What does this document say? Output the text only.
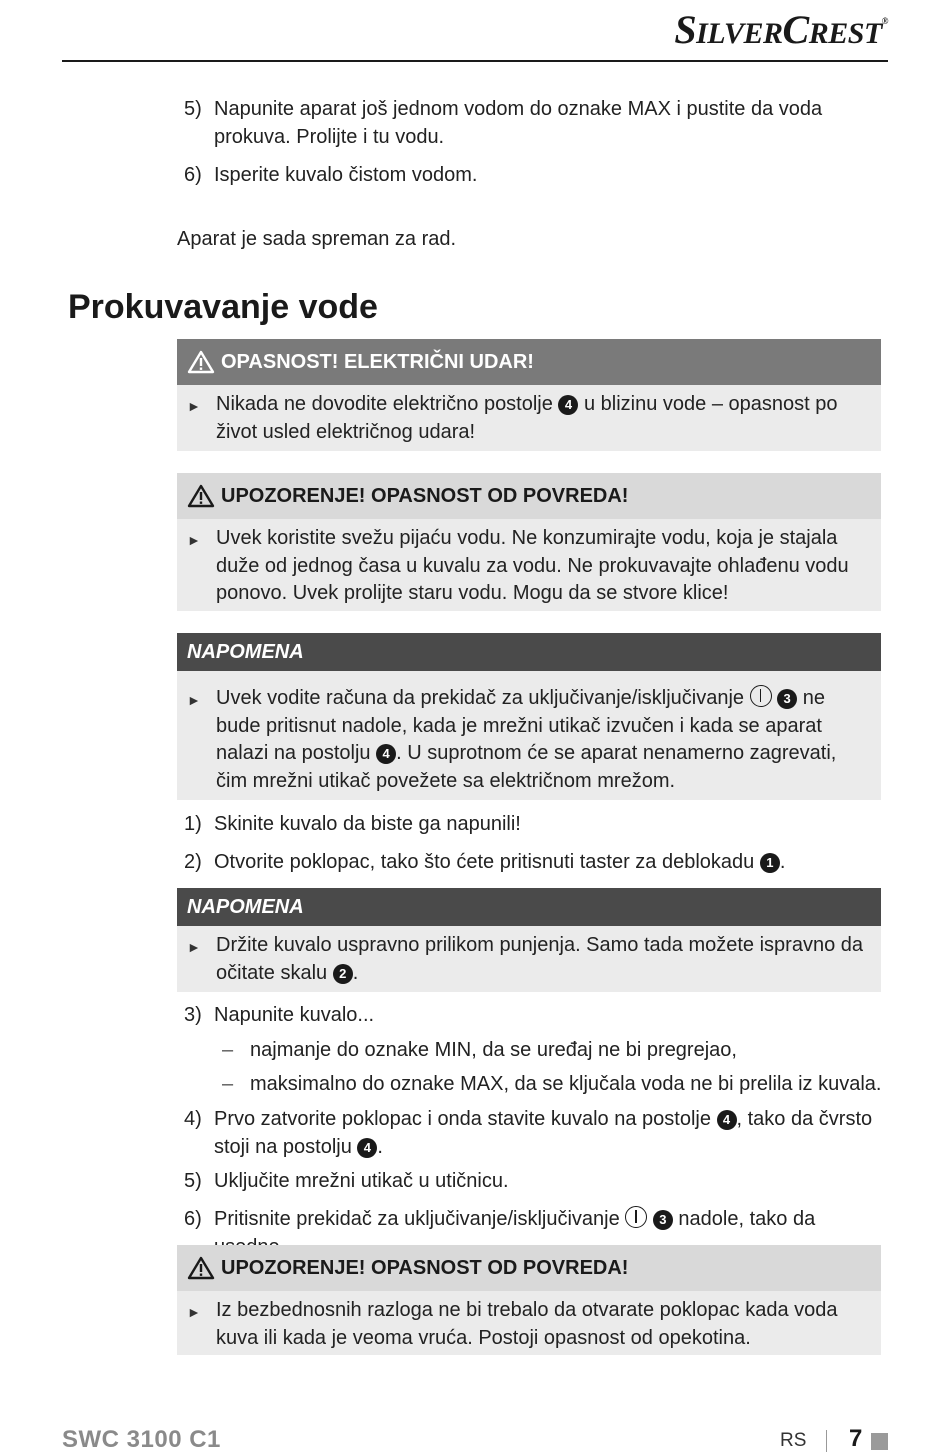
SILVERCREST®
5) Napunite aparat još jednom vodom do oznake MAX i pustite da voda prokuva. Prolijte i tu vodu.
6) Isperite kuvalo čistom vodom.
Aparat je sada spreman za rad.
Prokuvavanje vode
OPASNOST! ELEKTRIČNI UDAR!
► Nikada ne dovodite električno postolje 4 u blizinu vode – opasnost po život usled električnog udara!
UPOZORENJE! OPASNOST OD POVREDA!
► Uvek koristite svežu pijaću vodu. Ne konzumirajte vodu, koja je stajala duže od jednog časa u kuvalu za vodu. Ne prokuvavajte ohlađenu vodu ponovo. Uvek prolijte staru vodu. Mogu da se stvore klice!
NAPOMENA
► Uvek vodite računa da prekidač za uključivanje/isključivanje	3 ne bude pritisnut nadole, kada je mrežni utikač izvučen i kada se aparat nalazi na postolju 4 . U suprotnom će se aparat nenamerno zagrevati, čim mrežni utikač povežete sa električnom mrežom.
1) Skinite kuvalo da biste ga napunili!
2) Otvorite poklopac, tako što ćete pritisnuti taster za deblokadu 1 .
NAPOMENA
► Držite kuvalo uspravno prilikom punjenja. Samo tada možete ispravno da očitate skalu 2 .
3) Napunite kuvalo...
– najmanje do oznake MIN, da se uređaj ne bi pregrejao,
– maksimalno do oznake MAX, da se ključala voda ne bi prelila iz kuvala.
4) Prvo zatvorite poklopac i onda stavite kuvalo na postolje 4 , tako da čvrsto stoji na postolju 4 .
5) Uključite mrežni utikač u utičnicu.
6) Pritisnite prekidač za uključivanje/isključivanje	3 nadole, tako da
UPOZORENJE! OPASNOST OD POVREDA!
► Iz bezbednosnih razloga ne bi trebalo da otvarate poklopac kada voda kuva ili kada je veoma vruća. Postoji opasnost od opekotina.
SWC 3100 C1	RS 7
